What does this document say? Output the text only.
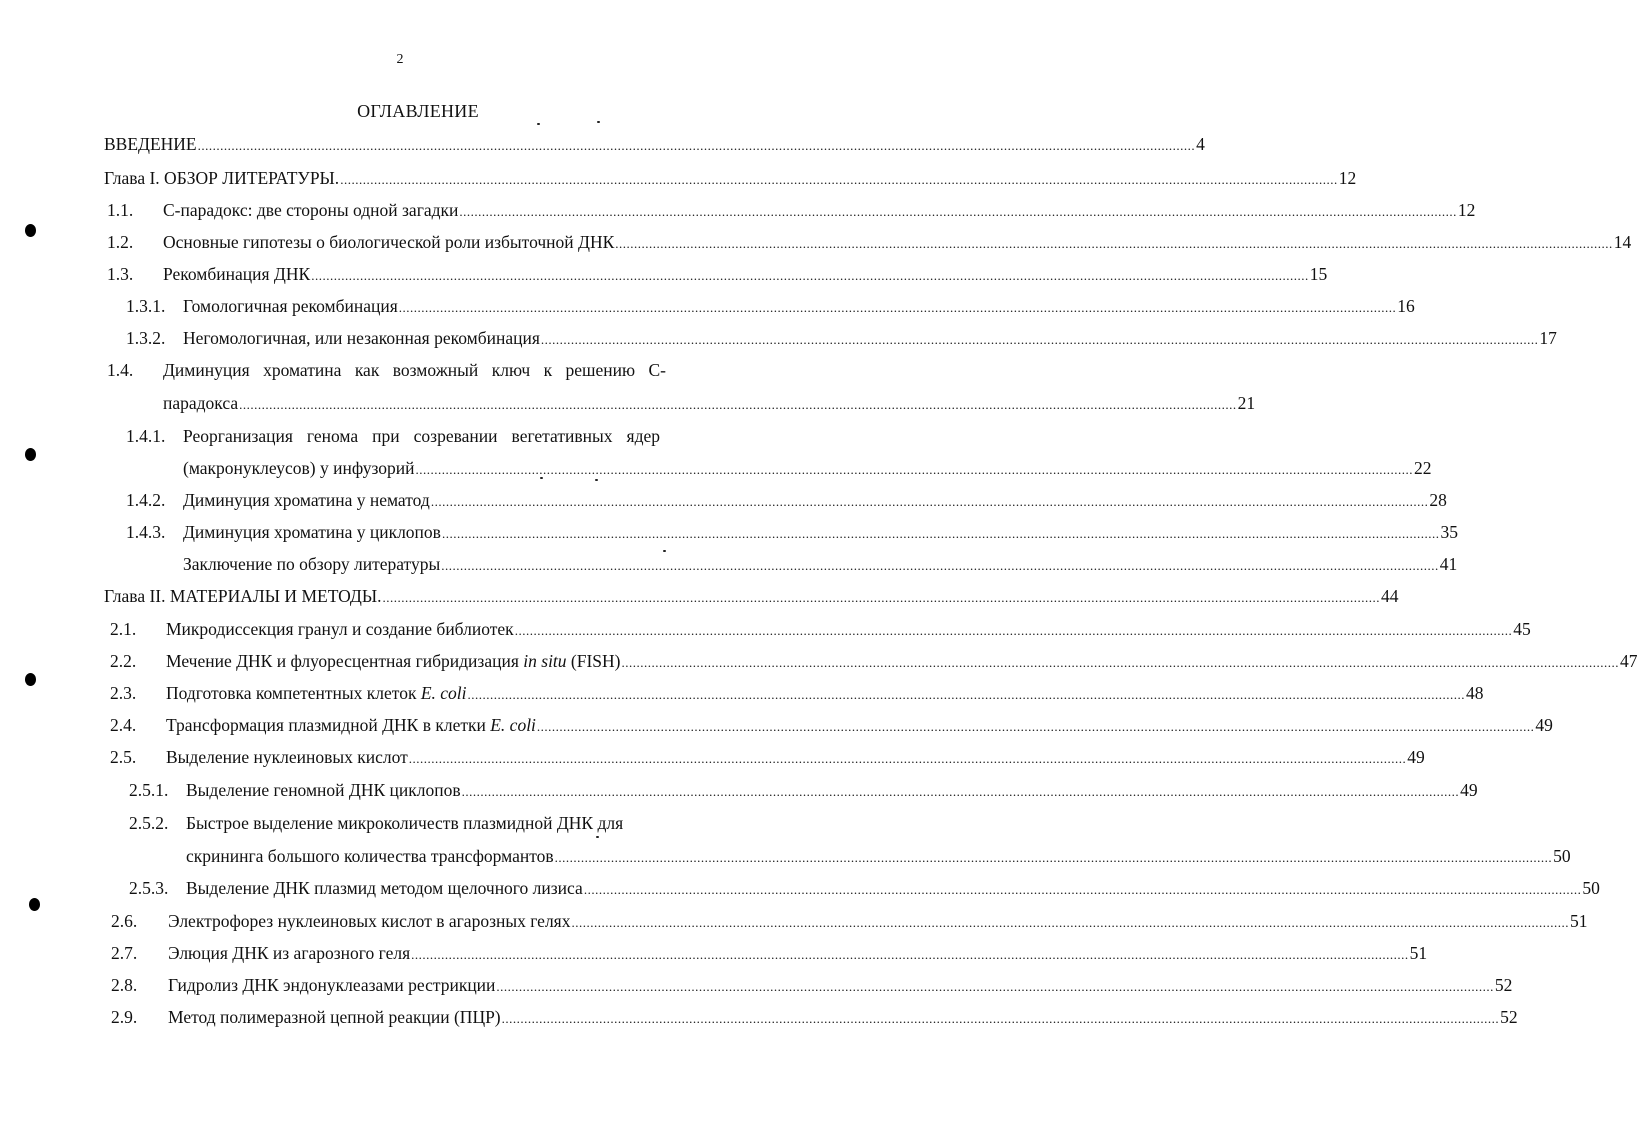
2
ОГЛАВЛЕНИЕ
ВВЕДЕНИЕ .......................................................................................................................................................................................................................................................................... 4
Глава I. ОБЗОР ЛИТЕРАТУРЫ. .......................................................................................................................................................................................................................................................................... 12
1.1.	С-парадокс: две стороны одной загадки .......................................................................................................................................................................................................................................................................... 12
1.2.	Основные гипотезы о биологической роли избыточной ДНК .......................................................................................................................................................................................................................................................................... 14
1.3.	Рекомбинация ДНК .......................................................................................................................................................................................................................................................................... 15
1.3.1.	Гомологичная рекомбинация .......................................................................................................................................................................................................................................................................... 16
1.3.2.	Негомологичная, или незаконная рекомбинация .......................................................................................................................................................................................................................................................................... 17
1.4.	Диминуция хроматина как возможный ключ к решению С-
парадокса .......................................................................................................................................................................................................................................................................... 21
1.4.1.	Реорганизация генома при созревании вегетативных ядер
(макронуклеусов) у инфузорий .......................................................................................................................................................................................................................................................................... 22
1.4.2.	Диминуция хроматина у нематод .......................................................................................................................................................................................................................................................................... 28
1.4.3.	Диминуция хроматина у циклопов .......................................................................................................................................................................................................................................................................... 35
Заключение по обзору литературы .......................................................................................................................................................................................................................................................................... 41
Глава II. МАТЕРИАЛЫ И МЕТОДЫ. .......................................................................................................................................................................................................................................................................... 44
2.1.	Микродиссекция гранул и создание библиотек .......................................................................................................................................................................................................................................................................... 45
2.2.	Мечение ДНК и флуоресцентная гибридизация in situ (FISH) .......................................................................................................................................................................................................................................................................... 47
2.3.	Подготовка компетентных клеток E. coli .......................................................................................................................................................................................................................................................................... 48
2.4.	Трансформация плазмидной ДНК в клетки E. coli .......................................................................................................................................................................................................................................................................... 49
2.5.	Выделение нуклеиновых кислот .......................................................................................................................................................................................................................................................................... 49
2.5.1.	Выделение геномной ДНК циклопов .......................................................................................................................................................................................................................................................................... 49
2.5.2.	Быстрое выделение микроколичеств плазмидной ДНК для
скрининга большого количества трансформантов .......................................................................................................................................................................................................................................................................... 50
2.5.3.	Выделение ДНК плазмид методом щелочного лизиса .......................................................................................................................................................................................................................................................................... 50
2.6.	Электрофорез нуклеиновых кислот в агарозных гелях .......................................................................................................................................................................................................................................................................... 51
2.7.	Элюция ДНК из агарозного геля .......................................................................................................................................................................................................................................................................... 51
2.8.	Гидролиз ДНК эндонуклеазами рестрикции .......................................................................................................................................................................................................................................................................... 52
2.9.	Метод полимеразной цепной реакции (ПЦР) .......................................................................................................................................................................................................................................................................... 52
